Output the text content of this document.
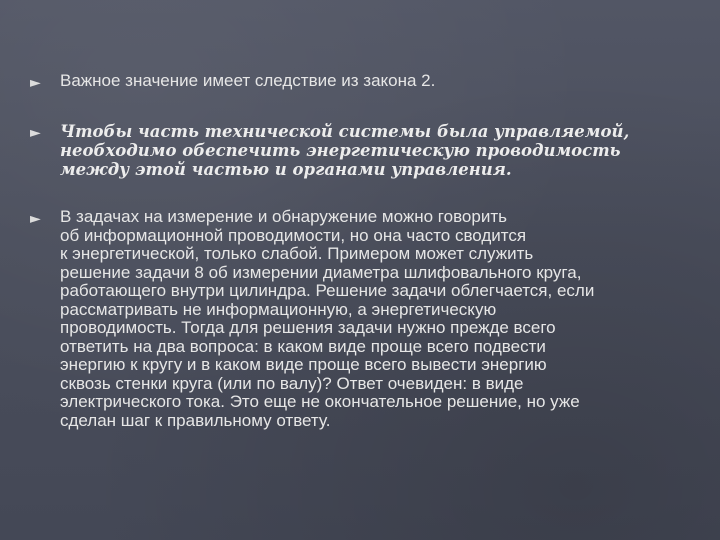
►	Важное значение имеет следствие из закона 2.
►	Чтобы часть технической системы была управляемой,
необходимо обеспечить энергетическую проводимость
между этой частью и органами управления.
►	В задачах на измерение и обнаружение можно говорить
об информационной проводимости, но она часто сводится
к энергетической, только слабой. Примером может служить
решение задачи 8 об измерении диаметра шлифовального круга,
работающего внутри цилиндра. Решение задачи облегчается, если
рассматривать не информационную, а энергетическую
проводимость. Тогда для решения задачи нужно прежде всего
ответить на два вопроса: в каком виде проще всего подвести
энергию к кругу и в каком виде проще всего вывести энергию
сквозь стенки круга (или по валу)? Ответ очевиден: в виде
электрического тока. Это еще не окончательное решение, но уже
сделан шаг к правильному ответу.
